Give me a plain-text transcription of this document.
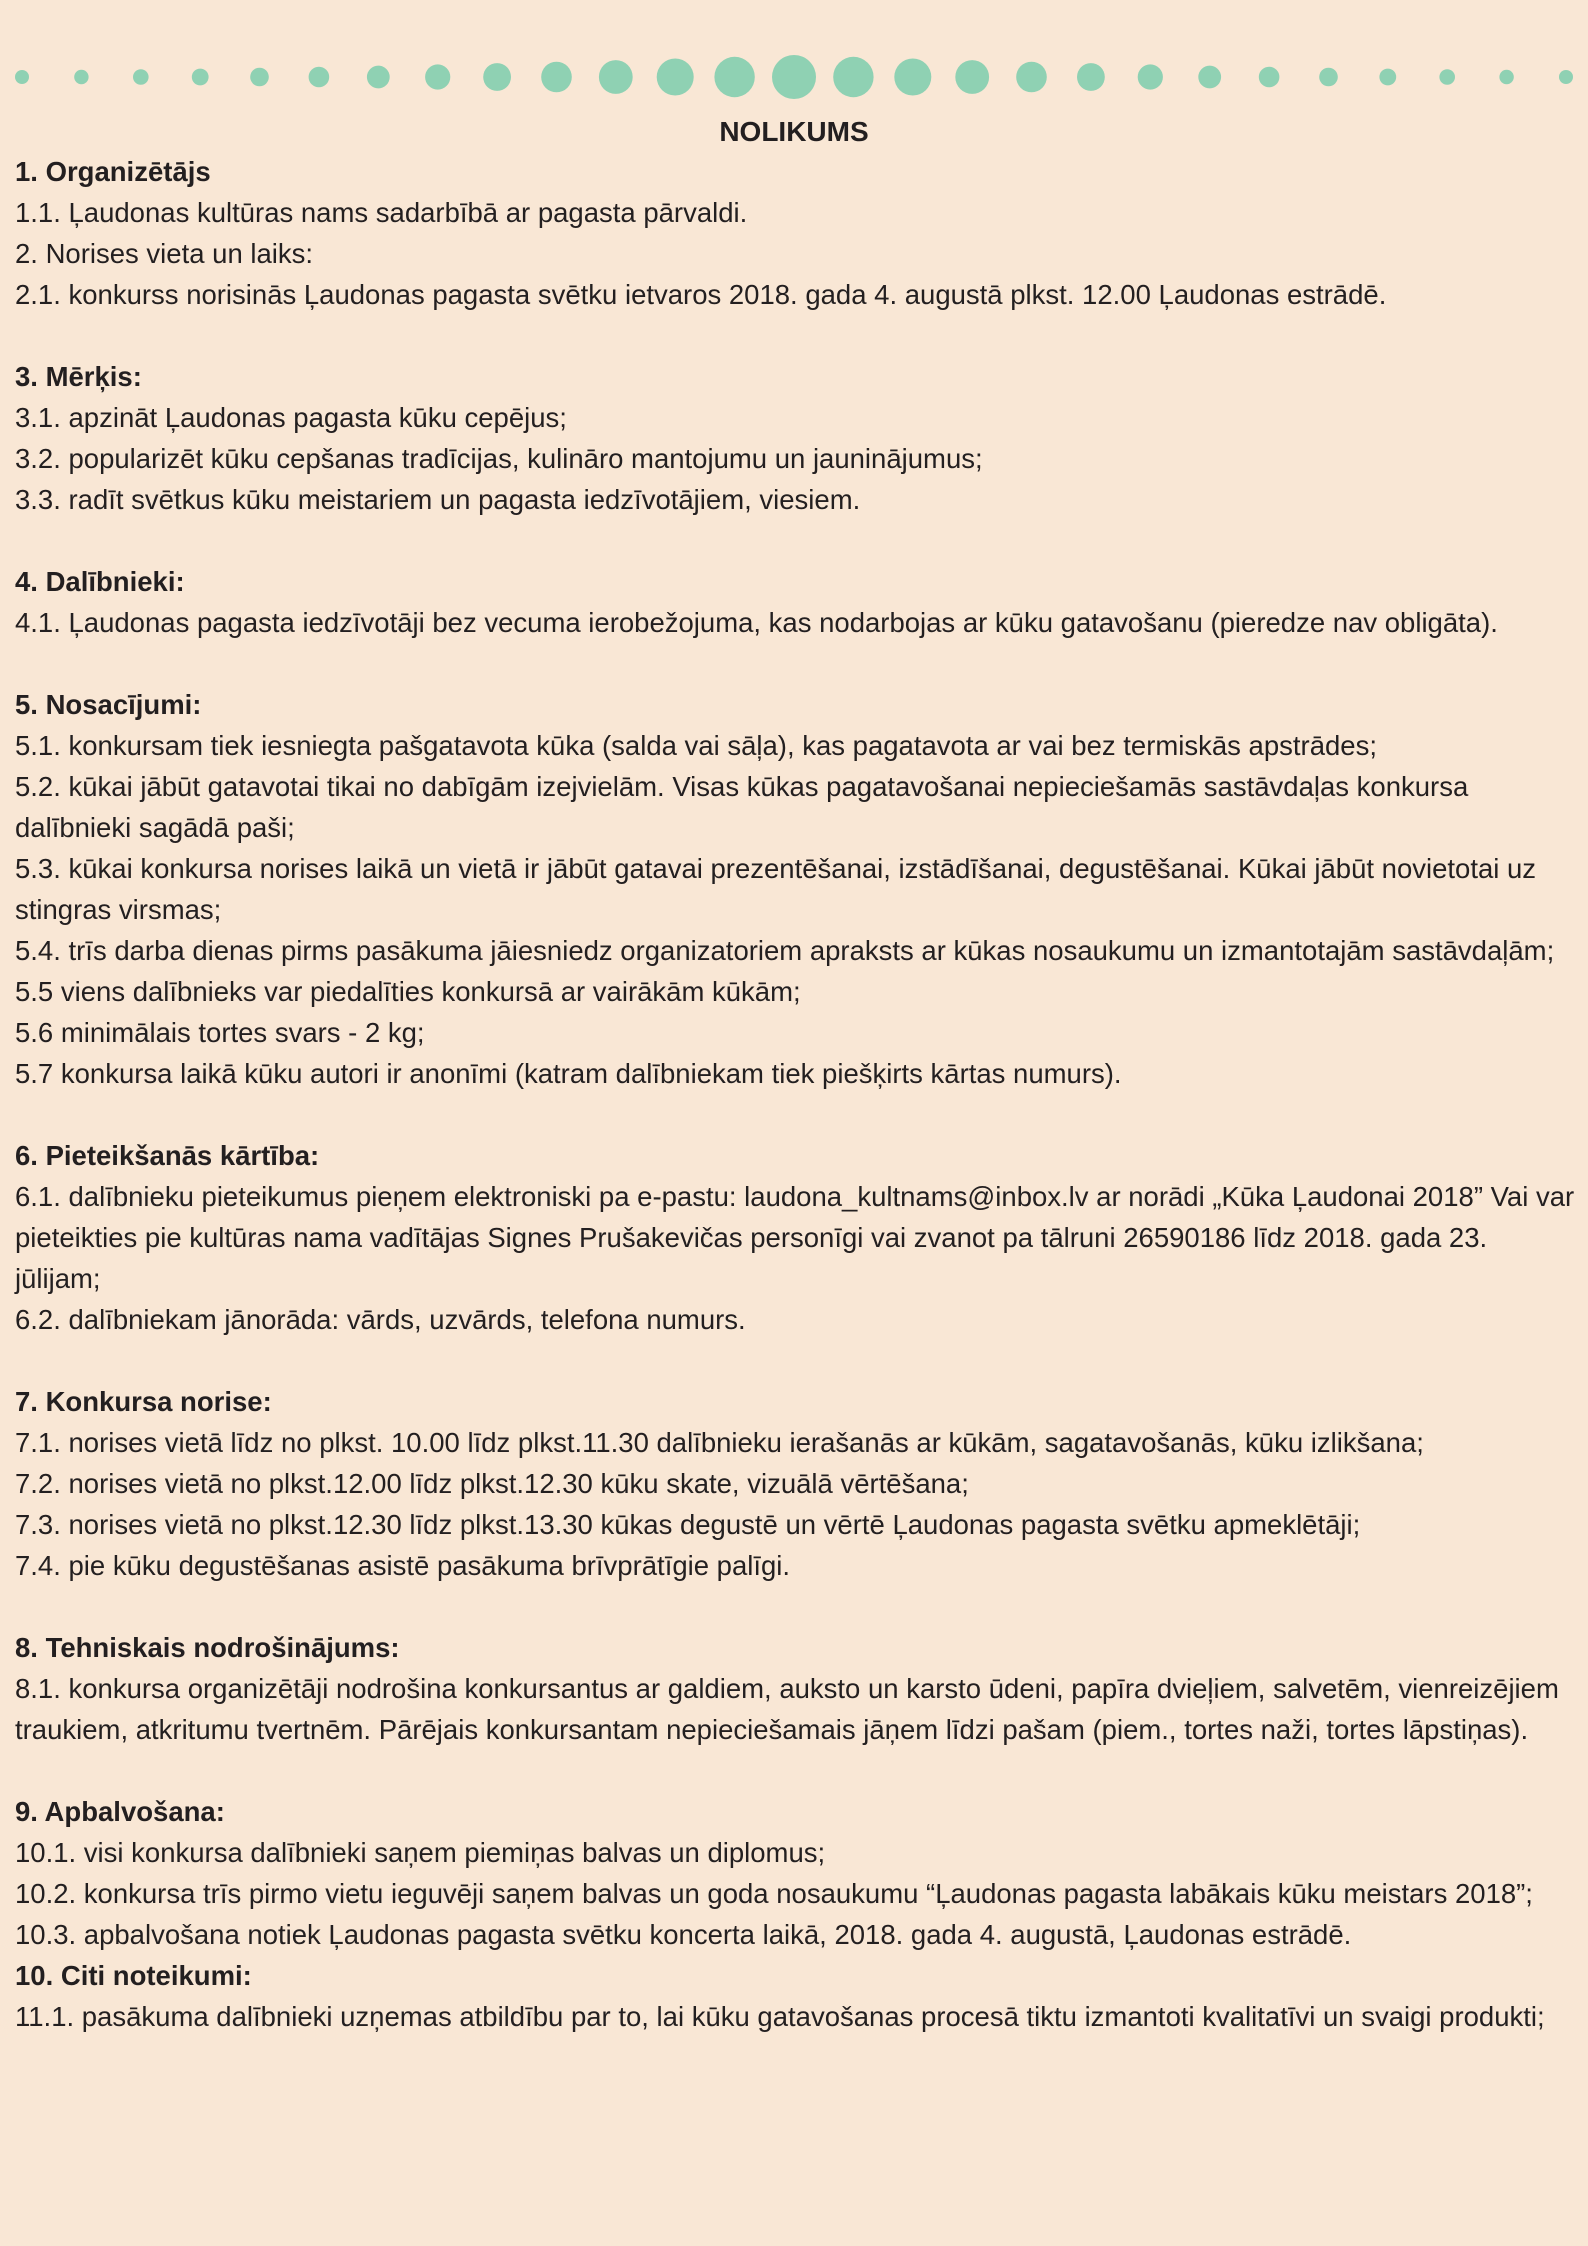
NOLIKUMS
1. Organizētājs
1.1. Ļaudonas kultūras nams sadarbībā ar pagasta pārvaldi.
2. Norises vieta un laiks:
2.1. konkurss norisinās Ļaudonas pagasta svētku ietvaros 2018. gada 4. augustā plkst. 12.00 Ļaudonas estrādē.
3. Mērķis:
3.1. apzināt Ļaudonas pagasta kūku cepējus;
3.2. popularizēt kūku cepšanas tradīcijas, kulināro mantojumu un jauninājumus;
3.3. radīt svētkus kūku meistariem un pagasta iedzīvotājiem, viesiem.
4. Dalībnieki:
4.1. Ļaudonas pagasta iedzīvotāji bez vecuma ierobežojuma, kas nodarbojas ar kūku gatavošanu (pieredze nav obligāta).
5. Nosacījumi:
5.1. konkursam tiek iesniegta pašgatavota kūka (salda vai sāļa), kas pagatavota ar vai bez termiskās apstrādes;
5.2. kūkai jābūt gatavotai tikai no dabīgām izejvielām. Visas kūkas pagatavošanai nepieciešamās sastāvdaļas konkursa dalībnieki sagādā paši;
5.3. kūkai konkursa norises laikā un vietā ir jābūt gatavai prezentēšanai, izstādīšanai, degustēšanai. Kūkai jābūt novietotai uz stingras virsmas;
5.4. trīs darba dienas pirms pasākuma jāiesniedz organizatoriem apraksts ar kūkas nosaukumu un izmantotajām sastāvdaļām;
5.5 viens dalībnieks var piedalīties konkursā ar vairākām kūkām;
5.6 minimālais tortes svars - 2 kg;
5.7 konkursa laikā kūku autori ir anonīmi (katram dalībniekam tiek piešķirts kārtas numurs).
6. Pieteikšanās kārtība:
6.1. dalībnieku pieteikumus pieņem elektroniski pa e-pastu: laudona_kultnams@inbox.lv ar norādi „Kūka Ļaudonai 2018” Vai var pieteikties pie kultūras nama vadītājas Signes Prušakevičas personīgi vai zvanot pa tālruni 26590186 līdz 2018. gada 23. jūlijam;
6.2. dalībniekam jānorāda: vārds, uzvārds, telefona numurs.
7. Konkursa norise:
7.1. norises vietā līdz no plkst. 10.00 līdz plkst.11.30 dalībnieku ierašanās ar kūkām, sagatavošanās, kūku izlikšana;
7.2. norises vietā no plkst.12.00 līdz plkst.12.30 kūku skate, vizuālā vērtēšana;
7.3. norises vietā no plkst.12.30 līdz plkst.13.30 kūkas degustē un vērtē Ļaudonas pagasta svētku apmeklētāji;
7.4. pie kūku degustēšanas asistē pasākuma brīvprātīgie palīgi.
8. Tehniskais nodrošinājums:
8.1. konkursa organizētāji nodrošina konkursantus ar galdiem, auksto un karsto ūdeni, papīra dvieļiem, salvetēm, vienreizējiem traukiem, atkritumu tvertnēm. Pārējais konkursantam nepieciešamais jāņem līdzi pašam (piem., tortes naži, tortes lāpstiņas).
9. Apbalvošana:
10.1. visi konkursa dalībnieki saņem piemiņas balvas un diplomus;
10.2. konkursa trīs pirmo vietu ieguvēji saņem balvas un goda nosaukumu “Ļaudonas pagasta labākais kūku meistars 2018”;
10.3. apbalvošana notiek Ļaudonas pagasta svētku koncerta laikā, 2018. gada 4. augustā, Ļaudonas estrādē.
10. Citi noteikumi:
11.1. pasākuma dalībnieki uzņemas atbildību par to, lai kūku gatavošanas procesā tiktu izmantoti kvalitatīvi un svaigi produkti;
